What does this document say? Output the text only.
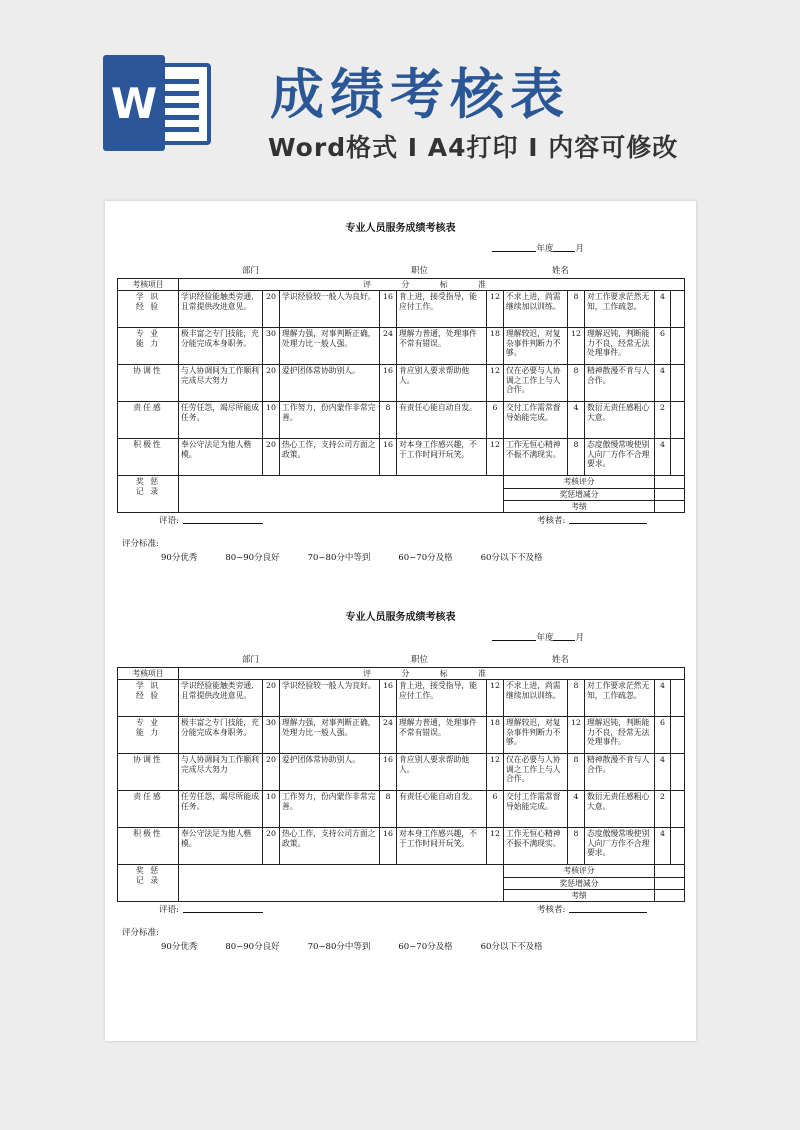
W 成绩考核表
Word格式 I A4打印 I 内容可修改
专业人员服务成绩考核表
年度	月
部门	职位	姓名
考核项目	评 分 标 准										
学 识
经 验	学识经验能触类旁通,且常提供改进意见。	20	学识经验较一般人为良好。	16	肯上进，接受指导，能应付工作。	12	不求上进，尚需继续加以训练。	8	对工作要求茫然无知，工作疏忽。	4	
专 业
能 力	极丰富之专门技能，充分能完成本身职务。	30	理解力强，对事判断正确，处理力比一般人强。	24	理解力普通，处理事件不常有错误。	18	理解较迟，对复杂事件判断力不够。	12	理解迟钝，判断能力不良，经常无法处理事件。	6	
协调性	与人协调间为工作顺利完成尽大努力	20	爱护团体常协助别人。	16	肯应别人要求帮助他人。	12	仅在必要与人协调之工作上与人合作。	8	精神散漫不肯与人合作。	4	
责任感	任劳任怨，竭尽所能成任务。	10	工作努力，份内蒙作非常完善。	8	有责任心能自动自发。	6	交付工作需常督导始能完成。	4	数衍无责任感粗心大意。	2	
积极性	奉公守法足为他人楷模。	20	热心工作，支持公司方面之政策。	16	对本身工作感兴趣，不于工作时间开玩笑。	12	工作无恒心精神不振不满现实。	8	态度傲慢常唆使别人向厂方作不合理要求。	4	
奖 惩
记 录							考核评分				
							奖惩增减分				
							考绩				
评语:	考核者:
评分标准:
90分优秀	80~90分良好	70~80分中等到	60~70分及格	60分以下不及格
专业人员服务成绩考核表
年度	月
部门	职位	姓名
考核项目	评 分 标 准										
学 识
经 验	学识经验能触类旁通,且常提供改进意见。	20	学识经验较一般人为良好。	16	肯上进，接受指导，能应付工作。	12	不求上进，尚需继续加以训练。	8	对工作要求茫然无知，工作疏忽。	4	
专 业
能 力	极丰富之专门技能，充分能完成本身职务。	30	理解力强，对事判断正确，处理力比一般人强。	24	理解力普通，处理事件不常有错误。	18	理解较迟，对复杂事件判断力不够。	12	理解迟钝，判断能力不良，经常无法处理事件。	6	
协调性	与人协调间为工作顺利完成尽大努力	20	爱护团体常协助别人。	16	肯应别人要求帮助他人。	12	仅在必要与人协调之工作上与人合作。	8	精神散漫不肯与人合作。	4	
责任感	任劳任怨，竭尽所能成任务。	10	工作努力，份内蒙作非常完善。	8	有责任心能自动自发。	6	交付工作需常督导始能完成。	4	数衍无责任感粗心大意。	2	
积极性	奉公守法足为他人楷模。	20	热心工作，支持公司方面之政策。	16	对本身工作感兴趣，不于工作时间开玩笑。	12	工作无恒心精神不振不满现实。	8	态度傲慢常唆使别人向厂方作不合理要求。	4	
奖 惩
记 录							考核评分				
							奖惩增减分				
							考绩				
评语:	考核者:
评分标准:
90分优秀	80~90分良好	70~80分中等到	60~70分及格	60分以下不及格
